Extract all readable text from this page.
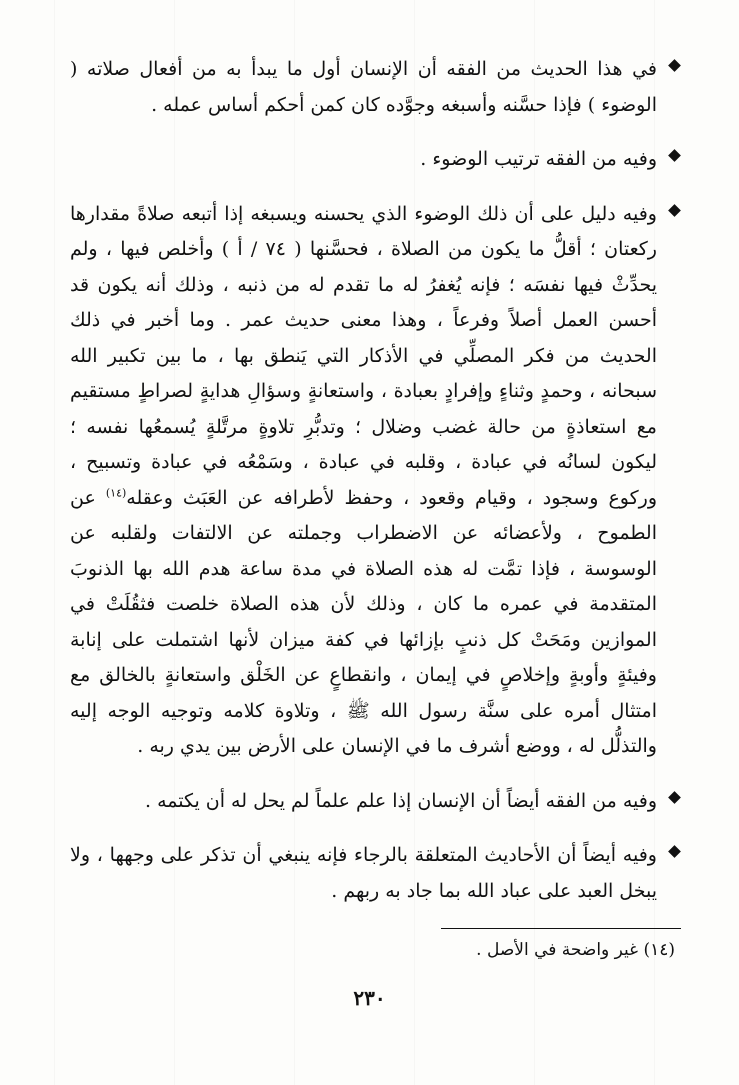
في هذا الحديث من الفقه أن الإنسان أول ما يبدأ به من أفعال صلاته ( الوضوء ) فإذا حسَّنه وأسبغه وجوَّده كان كمن أحكم أساس عمله .

وفيه من الفقه ترتيب الوضوء .

وفيه دليل على أن ذلك الوضوء الذي يحسنه ويسبغه إذا أتبعه صلاةً مقدارها ركعتان ؛ أقلُّ ما يكون من الصلاة ، فحسَّنها ( ٧٤ / أ ) وأخلص فيها ، ولم يحدِّثْ فيها نفسَه ؛ فإنه يُغفرُ له ما تقدم له من ذنبه ، وذلك أنه يكون قد أحسن العمل أصلاً وفرعاً ، وهذا معنى حديث عمر . وما أخبر في ذلك الحديث من فكر المصلِّي في الأذكار التي يَنطق بها ، ما بين تكبير الله سبحانه ، وحمدٍ وثناءٍ وإفرادٍ بعبادة ، واستعانةٍ وسؤالِ هدايةٍ لصراطٍ مستقيم مع استعاذةٍ من حالة غضب وضلال ؛ وتدبُّرِ تلاوةٍ مرتَّلةٍ يُسمعُها نفسه ؛ ليكون لسانُه في عبادة ، وقلبه في عبادة ، وسَمْعُه في عبادة وتسبيح ، وركوع وسجود ، وقيام وقعود ، وحفظ لأطرافه عن العَبَث وعقله$^{(١٤)}$ عن الطموح ، ولأعضائه عن الاضطراب وجملته عن الالتفات ولقلبه عن الوسوسة ، فإذا تمَّت له هذه الصلاة في مدة ساعة هدم الله بها الذنوبَ المتقدمة في عمره ما كان ، وذلك لأن هذه الصلاة خلصت فثقُلَتْ في الموازين ومَحَتْ كل ذنبٍ بإزائها في كفة ميزان لأنها اشتملت على إنابة وفيئةٍ وأوبةٍ وإخلاصٍ في إيمان ، وانقطاعٍ عن الخَلْق واستعانةٍ بالخالق مع امتثال أمره على سنَّة رسول الله ﷺ ، وتلاوة كلامه وتوجيه الوجه إليه والتذلُّل له ، ووضع أشرف ما في الإنسان على الأرض بين يدي ربه .

وفيه من الفقه أيضاً أن الإنسان إذا علم علماً لم يحل له أن يكتمه .

وفيه أيضاً أن الأحاديث المتعلقة بالرجاء فإنه ينبغي أن تذكر على وجهها ، ولا يبخل العبد على عباد الله بما جاد به ربهم .

(١٤) غير واضحة في الأصل .
٢٣٠
